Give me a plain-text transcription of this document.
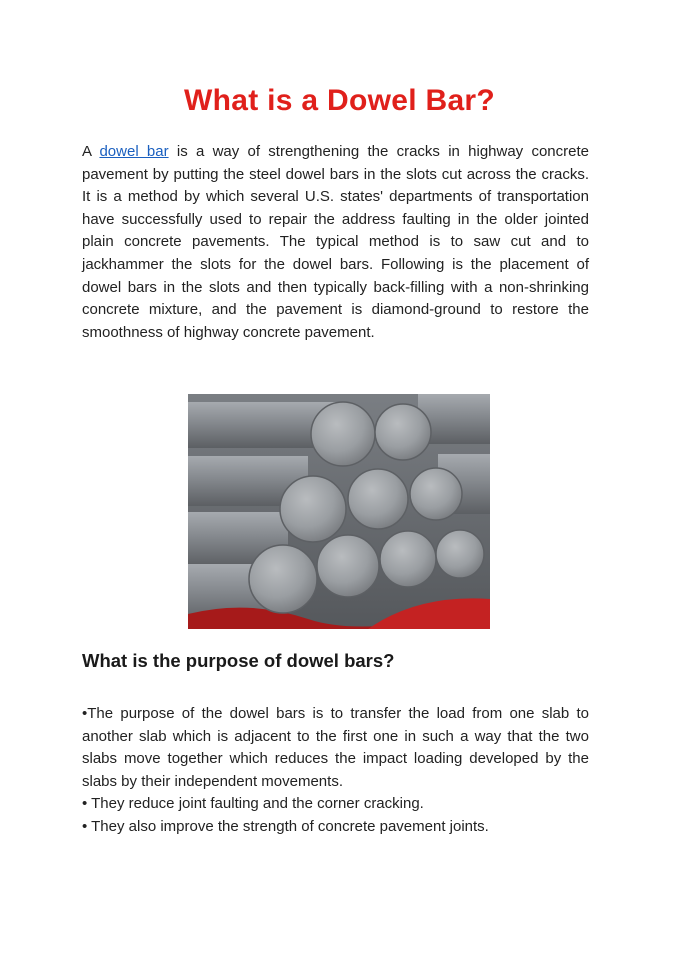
What is a Dowel Bar?

A dowel bar is a way of strengthening the cracks in highway concrete pavement by putting the steel dowel bars in the slots cut across the cracks. It is a method by which several U.S. states' departments of transportation have successfully used to repair the address faulting in the older jointed plain concrete pavements. The typical method is to saw cut and to jackhammer the slots for the dowel bars. Following is the placement of dowel bars in the slots and then typically back-filling with a non-shrinking concrete mixture, and the pavement is diamond-ground to restore the smoothness of highway concrete pavement.

What is the purpose of dowel bars?
•The purpose of the dowel bars is to transfer the load from one slab to another slab which is adjacent to the first one in such a way that the two slabs move together which reduces the impact loading developed by the slabs by their independent movements.
• They reduce joint faulting and the corner cracking.
• They also improve the strength of concrete pavement joints.
